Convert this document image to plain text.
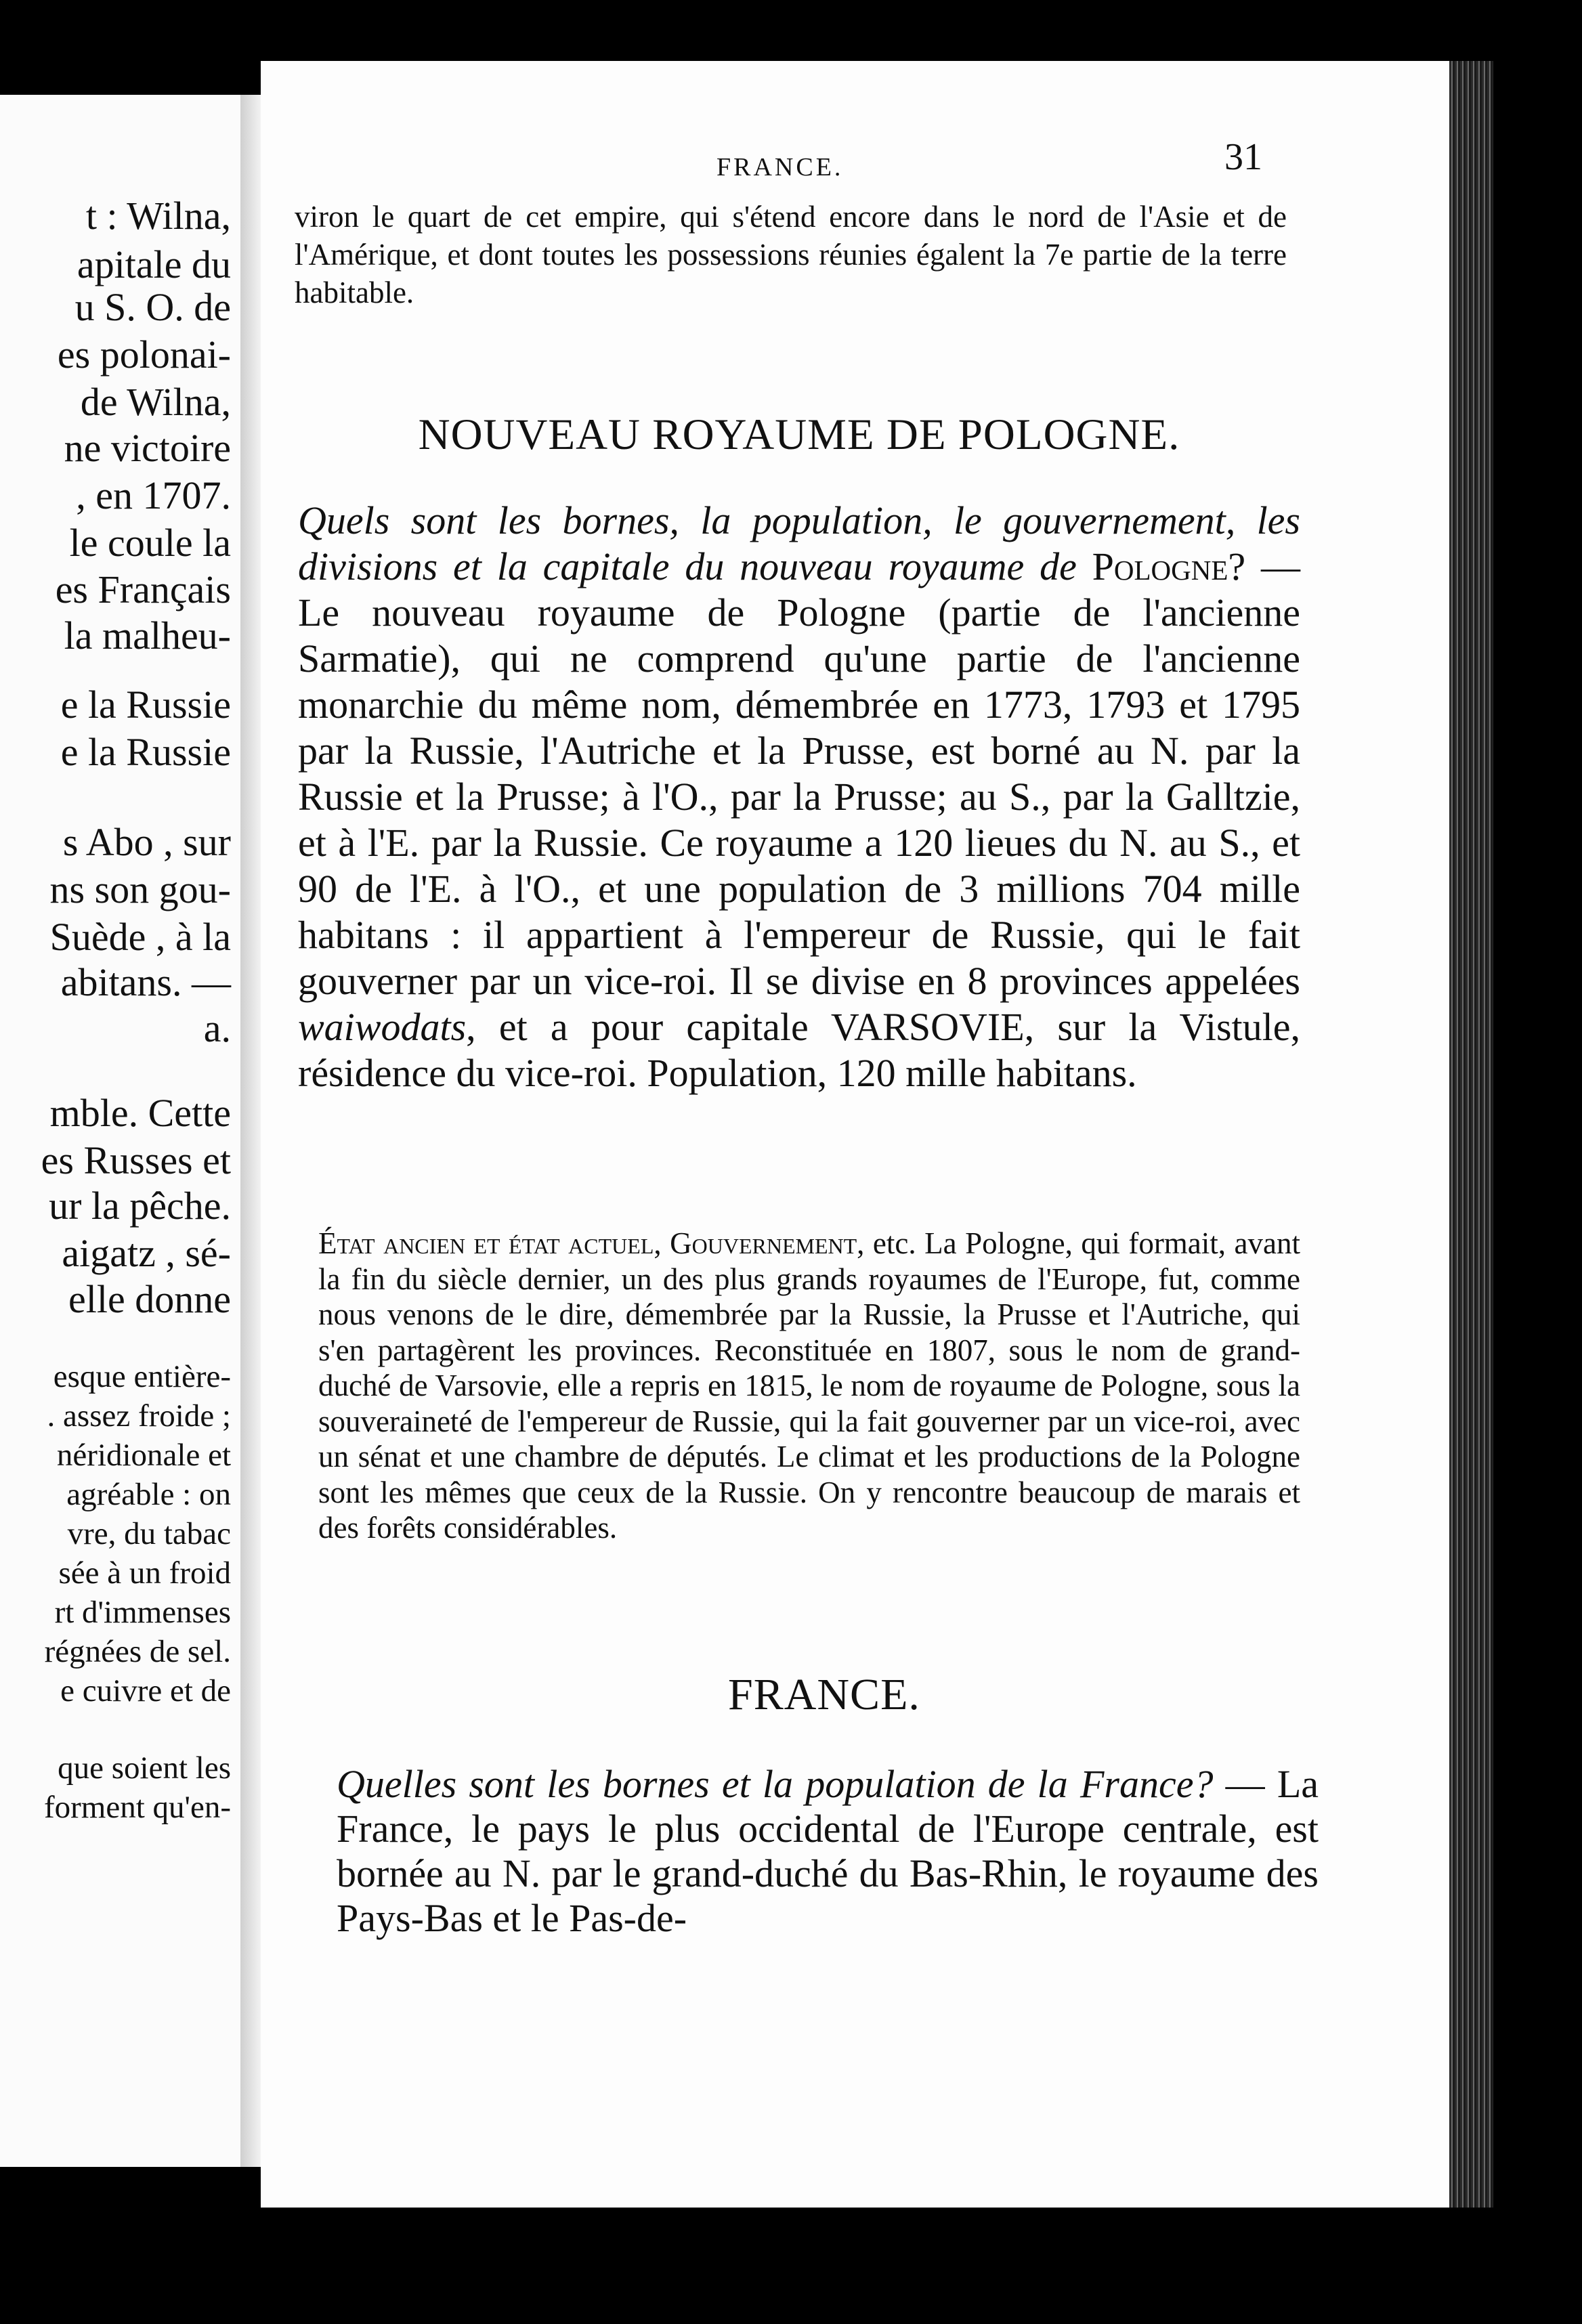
t : Wilna,
apitale du
u S. O. de
es polonai-
de Wilna,
ne victoire
, en 1707.
le coule la
es Français
la malheu-
e la Russie
e la Russie
s Abo , sur
ns son gou-
Suède , à la
abitans. —
a.
mble. Cette
es Russes et
ur la pêche.
aigatz , sé-
elle donne
esque entière-
. assez froide ;
néridionale et
agréable : on
vre, du tabac
sée à un froid
rt d'immenses
régnées de sel.
e cuivre et de
que soient les
forment qu'en-
FRANCE.	31

viron le quart de cet empire, qui s'étend encore dans le nord de l'Asie et de l'Amérique, et dont toutes les possessions réunies égalent la 7e partie de la terre habitable.

NOUVEAU ROYAUME DE POLOGNE.

Quels sont les bornes, la population, le gouvernement, les divisions et la capitale du nouveau royaume de Pologne? — Le nouveau royaume de Pologne (partie de l'ancienne Sarmatie), qui ne comprend qu'une partie de l'ancienne monarchie du même nom, démembrée en 1773, 1793 et 1795 par la Russie, l'Autriche et la Prusse, est borné au N. par la Russie et la Prusse; à l'O., par la Prusse; au S., par la Galltzie, et à l'E. par la Russie. Ce royaume a 120 lieues du N. au S., et 90 de l'E. à l'O., et une population de 3 millions 704 mille habitans : il appartient à l'empereur de Russie, qui le fait gouverner par un vice-roi. Il se divise en 8 provinces appelées waiwodats, et a pour capitale VARSOVIE, sur la Vistule, résidence du vice-roi. Population, 120 mille habitans.

État ancien et état actuel, Gouvernement, etc. La Pologne, qui formait, avant la fin du siècle dernier, un des plus grands royaumes de l'Europe, fut, comme nous venons de le dire, démembrée par la Russie, la Prusse et l'Autriche, qui s'en partagèrent les provinces. Reconstituée en 1807, sous le nom de grand-duché de Varsovie, elle a repris en 1815, le nom de royaume de Pologne, sous la souveraineté de l'empereur de Russie, qui la fait gouverner par un vice-roi, avec un sénat et une chambre de députés. Le climat et les productions de la Pologne sont les mêmes que ceux de la Russie. On y rencontre beaucoup de marais et des forêts considérables.

FRANCE.

Quelles sont les bornes et la population de la France? — La France, le pays le plus occidental de l'Europe centrale, est bornée au N. par le grand-duché du Bas-Rhin, le royaume des Pays-Bas et le Pas-de-
